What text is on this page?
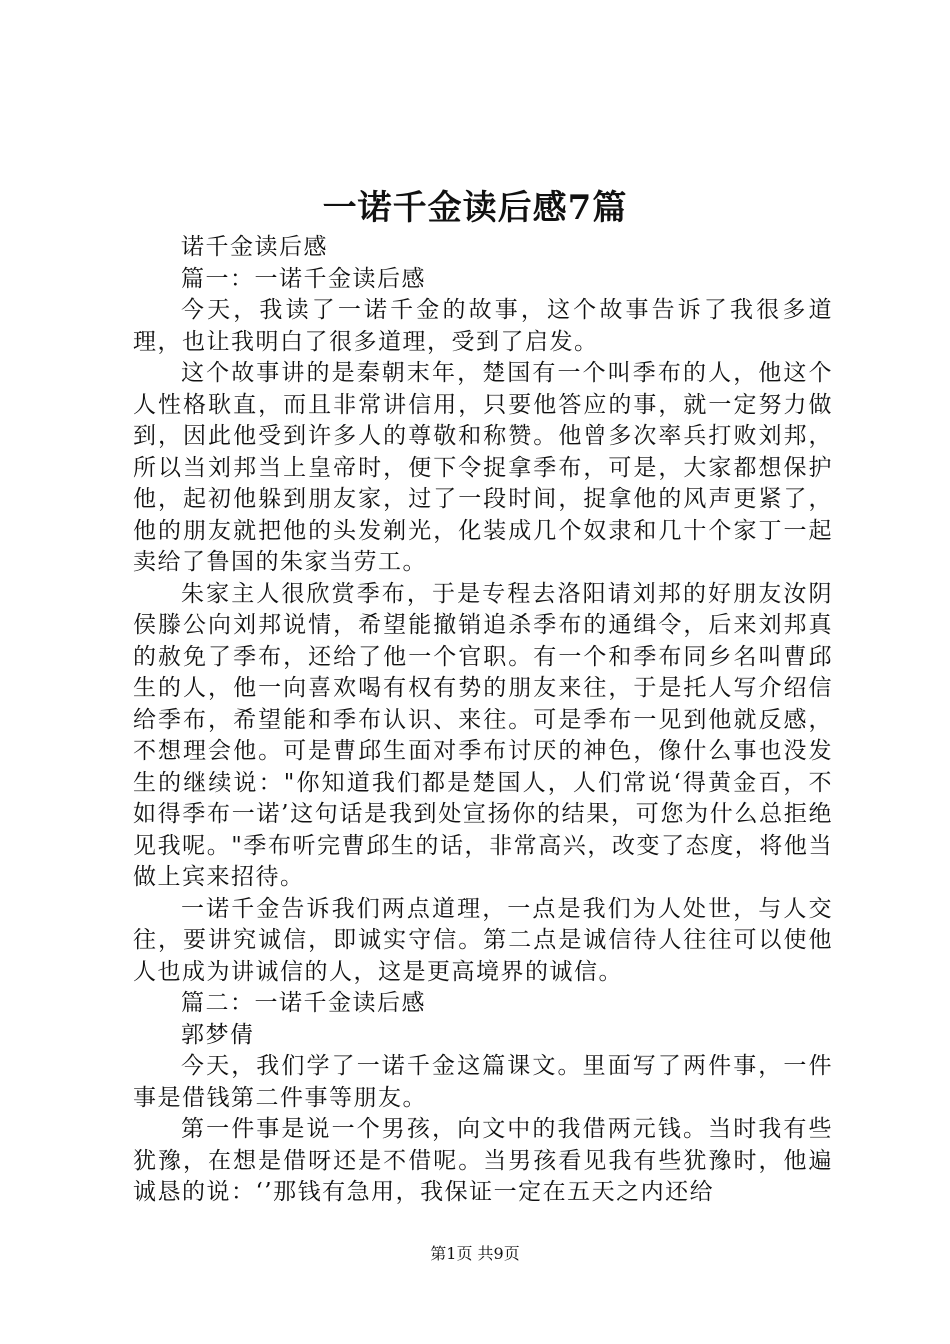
一诺千金读后感7篇

诺千金读后感

篇一：一诺千金读后感

今天，我读了一诺千金的故事，这个故事告诉了我很多道理，也让我明白了很多道理，受到了启发。

这个故事讲的是秦朝末年，楚国有一个叫季布的人，他这个人性格耿直，而且非常讲信用，只要他答应的事，就一定努力做到，因此他受到许多人的尊敬和称赞。他曾多次率兵打败刘邦，所以当刘邦当上皇帝时，便下令捉拿季布，可是，大家都想保护他，起初他躲到朋友家，过了一段时间，捉拿他的风声更紧了，他的朋友就把他的头发剃光，化装成几个奴隶和几十个家丁一起卖给了鲁国的朱家当劳工。

朱家主人很欣赏季布，于是专程去洛阳请刘邦的好朋友汝阴侯滕公向刘邦说情，希望能撤销追杀季布的通缉令，后来刘邦真的赦免了季布，还给了他一个官职。有一个和季布同乡名叫曹邱生的人，他一向喜欢喝有权有势的朋友来往，于是托人写介绍信给季布，希望能和季布认识、来往。可是季布一见到他就反感，不想理会他。可是曹邱生面对季布讨厌的神色，像什么事也没发生的继续说："你知道我们都是楚国人，人们常说‘得黄金百，不如得季布一诺’这句话是我到处宣扬你的结果，可您为什么总拒绝见我呢。"季布听完曹邱生的话，非常高兴，改变了态度，将他当做上宾来招待。

一诺千金告诉我们两点道理，一点是我们为人处世，与人交往，要讲究诚信，即诚实守信。第二点是诚信待人往往可以使他人也成为讲诚信的人，这是更高境界的诚信。

篇二：一诺千金读后感

郭梦倩

今天，我们学了一诺千金这篇课文。里面写了两件事，一件事是借钱第二件事等朋友。

第一件事是说一个男孩，向文中的我借两元钱。当时我有些犹豫，在想是借呀还是不借呢。当男孩看见我有些犹豫时，他遍诚恳的说：‘’那钱有急用，我保证一定在五天之内还给

第1页 共9页
